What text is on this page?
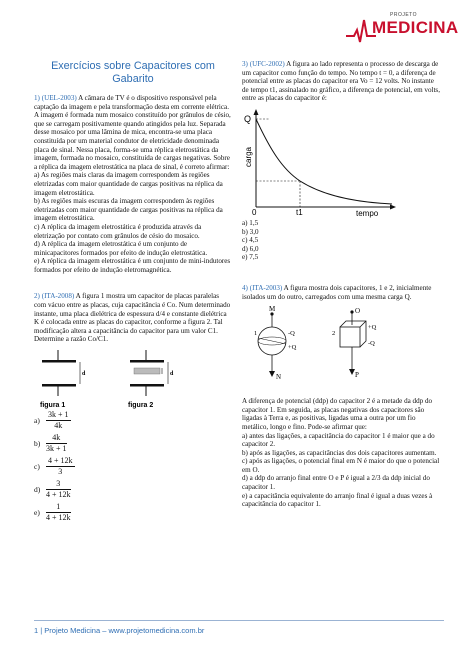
PROJETO
MEDICINA
Exercícios sobre Capacitores com Gabarito

1) (UEL-2003) A câmara de TV é o dispositivo responsável pela captação da imagem e pela transformação desta em corrente elétrica. A imagem é formada num mosaico constituído por grânulos de césio, que se carregam positivamente quando atingidos pela luz. Separada desse mosaico por uma lâmina de mica, encontra-se uma placa constituída por um material condutor de eletricidade denominada placa de sinal. Nessa placa, forma-se uma réplica eletrostática da imagem, formada no mosaico, constituída de cargas negativas. Sobre a réplica da imagem eletrostática na placa de sinal, é correto afirmar:

a) As regiões mais claras da imagem correspondem às regiões eletrizadas com maior quantidade de cargas positivas na réplica da imagem eletrostática.

b) As regiões mais escuras da imagem correspondem às regiões eletrizadas com maior quantidade de cargas positivas na réplica da imagem eletrostática.

c) A réplica da imagem eletrostática é produzida através da eletrização por contato com grânulos de césio do mosaico.

d) A réplica da imagem eletrostática é um conjunto de minicapacitores formados por efeito de indução eletrostática.

e) A réplica da imagem eletrostática é um conjunto de mini-indutores formados por efeito de indução eletromagnética.

2) (ITA-2008) A figura 1 mostra um capacitor de placas paralelas com vácuo entre as placas, cuja capacitância é Co. Num determinado instante, uma placa dielétrica de espessura d/4 e constante dielétrica K é colocada entre as placas do capacitor, conforme a figura 2. Tal modificação altera a capacitância do capacitor para um valor C1. Determine a razão Co/C1.

d
figura 1
d
figura 2
$a) \frac{3k + 1}{4k}$
$b) \frac{4k}{3k + 1}$
$c) \frac{4 + 12k}{3}$
$d) \frac{3}{4 + 12k}$
$e) \frac{1}{4 + 12k}$

3) (UFC-2002) A figura ao lado representa o processo de descarga de um capacitor como função do tempo. No tempo t = 0, a diferença de potencial entre as placas do capacitor era Vo = 12 volts. No instante de tempo t1, assinalado no gráfico, a diferença de potencial, em volts, entre as placas do capacitor é:

Q
carga
0	t1	tempo

a) 1,5

b) 3,0

c) 4,5

d) 6,0

e) 7,5

4) (ITA-2003) A figura mostra dois capacitores, 1 e 2, inicialmente isolados um do outro, carregados com uma mesma carga Q.

M
-Q
+Q
1
N
O
+Q
-Q
2
P

A diferença de potencial (ddp) do capacitor 2 é a metade da ddp do capacitor 1. Em seguida, as placas negativas dos capacitores são ligadas à Terra e, as positivas, ligadas uma a outra por um fio metálico, longo e fino. Pode-se afirmar que:

a) antes das ligações, a capacitância do capacitor 1 é maior que a do capacitor 2.

b) após as ligações, as capacitâncias dos dois capacitores aumentam.

c) após as ligações, o potencial final em N é maior do que o potencial em O.

d) a ddp do arranjo final entre O e P é igual a 2/3 da ddp inicial do capacitor 1.

e) a capacitância equivalente do arranjo final é igual a duas vezes à capacitância do capacitor 1.

1 | Projeto Medicina – www.projetomedicina.com.br
